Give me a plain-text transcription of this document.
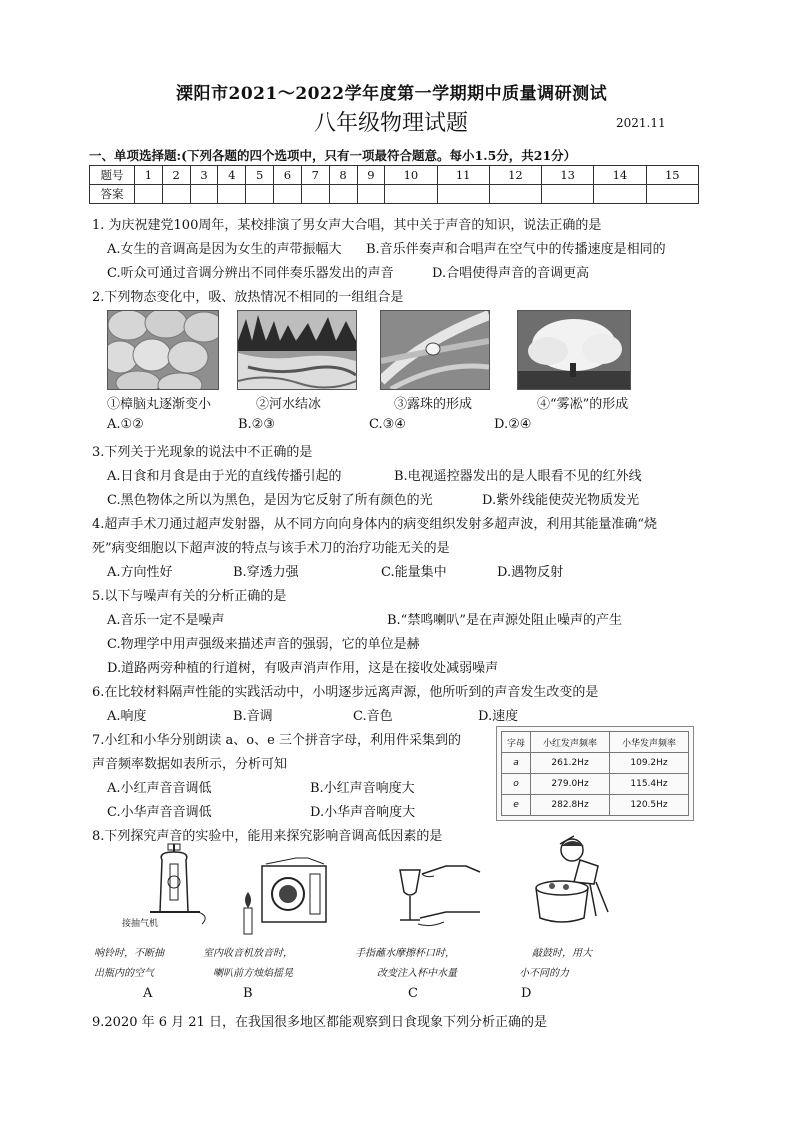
溧阳市2021～2022学年度第一学期期中质量调研测试
八年级物理试题	2021.11
一、单项选择题:(下列各题的四个选项中，只有一项最符合题意。每小1.5分，共21分）
题号	1	2	3	4	5	6	7	8	9	10	11	12	13	14	15
答案															
1. 为庆祝建党100周年，某校排演了男女声大合唱，其中关于声音的知识，说法正确的是
A.女生的音调高是因为女生的声带振幅大 B.音乐伴奏声和合唱声在空气中的传播速度是相同的
C.听众可通过音调分辨出不同伴奏乐器发出的声音	D.合唱使得声音的音调更高
2.下列物态变化中，吸、放热情况不相同的一组组合是
①樟脑丸逐渐变小	②河水结冰	③露珠的形成	④“雾凇”的形成
A.①②	B.②③	C.③④	D.②④
3.下列关于光现象的说法中不正确的是
A.日食和月食是由于光的直线传播引起的	B.电视遥控器发出的是人眼看不见的红外线
C.黑色物体之所以为黑色，是因为它反射了所有颜色的光	D.紫外线能使荧光物质发光
4.超声手术刀通过超声发射器，从不同方向向身体内的病变组织发射多超声波，利用其能量准确“烧
死”病变细胞以下超声波的特点与该手术刀的治疗功能无关的是
A.方向性好	B.穿透力强	C.能量集中	D.遇物反射
5.以下与噪声有关的分析正确的是
A.音乐一定不是噪声	B.“禁鸣喇叭”是在声源处阻止噪声的产生
C.物理学中用声强级来描述声音的强弱，它的单位是赫
D.道路两旁种植的行道树，有吸声消声作用，这是在接收处减弱噪声
6.在比较材料隔声性能的实践活动中，小明逐步远离声源，他所听到的声音发生改变的是
A.响度	B.音调	C.音色	D.速度
7.小红和小华分别朗读 a、o、e 三个拼音字母，利用件采集到的
声音频率数据如表所示，分析可知
A.小红声音音调低	B.小红声音响度大
C.小华声音音调低	D.小华声音响度大
字母	小红发声频率	小华发声频率
a	261.2Hz	109.2Hz
o	279.0Hz	115.4Hz
e	282.8Hz	120.5Hz
8.下列探究声音的实验中，能用来探究影响音调高低因素的是
接抽气机
响铃时，不断抽
出瓶内的空气
室内收音机放音时，
喇叭前方烛焰摇晃
手指蘸水摩擦杯口时，
改变注入杯中水量
敲鼓时，用大
小不同的力
A	B	C	D
9.2020 年 6 月 21 日，在我国很多地区都能观察到日食现象下列分析正确的是
